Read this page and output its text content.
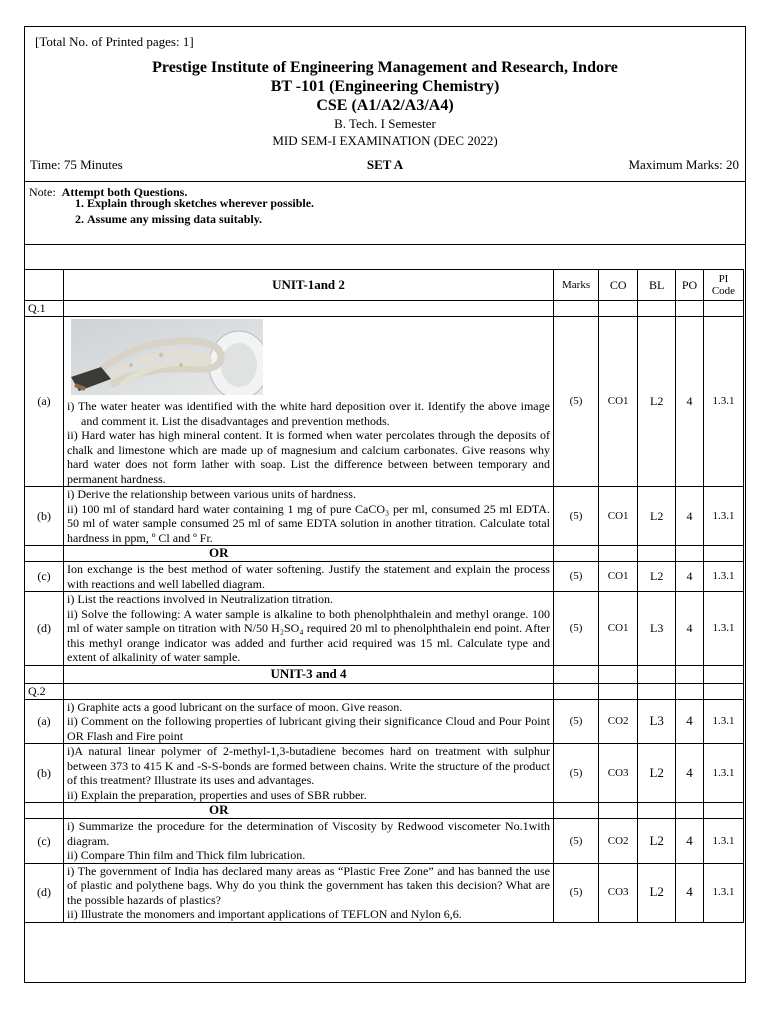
[Total No. of Printed pages: 1]
Prestige Institute of Engineering Management and Research, Indore
BT -101 (Engineering Chemistry)
CSE (A1/A2/A3/A4)
B. Tech. I Semester
MID SEM-I EXAMINATION (DEC 2022)
SET A
Time: 75 Minutes	Maximum Marks: 20
Note: Attempt both Questions.
1. Explain through sketches wherever possible.
2. Assume any missing data suitably.
	UNIT-1and 2	Marks	CO	BL	PO	PI Code
Q.1						
(a)	i) The water heater was identified with the white hard deposition over it. Identify the above image and comment it. List the disadvantages and prevention methods.
ii) Hard water has high mineral content. It is formed when water percolates through the deposits of chalk and limestone which are made up of magnesium and calcium carbonates. Give reasons why hard water does not form lather with soap. List the difference between between temporary and permanent hardness.	(5)	CO1	L2	4	1.3.1
(b)	i) Derive the relationship between various units of hardness.
ii) 100 ml of standard hard water containing 1 mg of pure CaCO₃ per ml, consumed 25 ml EDTA. 50 ml of water sample consumed 25 ml of same EDTA solution in another titration. Calculate total hardness in ppm, º Cl and º Fr.	(5)	CO1	L2	4	1.3.1
	OR					
(c)	Ion exchange is the best method of water softening. Justify the statement and explain the process with reactions and well labelled diagram.	(5)	CO1	L2	4	1.3.1
(d)	i) List the reactions involved in Neutralization titration.
ii) Solve the following: A water sample is alkaline to both phenolphthalein and methyl orange. 100 ml of water sample on titration with N/50 H₂SO₄ required 20 ml to phenolphthalein end point. After this methyl orange indicator was added and further acid required was 15 ml. Calculate type and extent of alkalinity of water sample.	(5)	CO1	L3	4	1.3.1
	UNIT-3 and 4					
Q.2						
(a)	i) Graphite acts a good lubricant on the surface of moon. Give reason.
ii) Comment on the following properties of lubricant giving their significance Cloud and Pour Point OR Flash and Fire point	(5)	CO2	L3	4	1.3.1
(b)	i)A natural linear polymer of 2-methyl-1,3-butadiene becomes hard on treatment with sulphur between 373 to 415 K and -S-S-bonds are formed between chains. Write the structure of the product of this treatment? Illustrate its uses and advantages.
ii) Explain the preparation, properties and uses of SBR rubber.	(5)	CO3	L2	4	1.3.1
	OR					
(c)	i) Summarize the procedure for the determination of Viscosity by Redwood viscometer No.1with diagram.
ii) Compare Thin film and Thick film lubrication.	(5)	CO2	L2	4	1.3.1
(d)	i) The government of India has declared many areas as “Plastic Free Zone” and has banned the use of plastic and polythene bags. Why do you think the government has taken this decision? What are the possible hazards of plastics?
ii) Illustrate the monomers and important applications of TEFLON and Nylon 6,6.	(5)	CO3	L2	4	1.3.1
